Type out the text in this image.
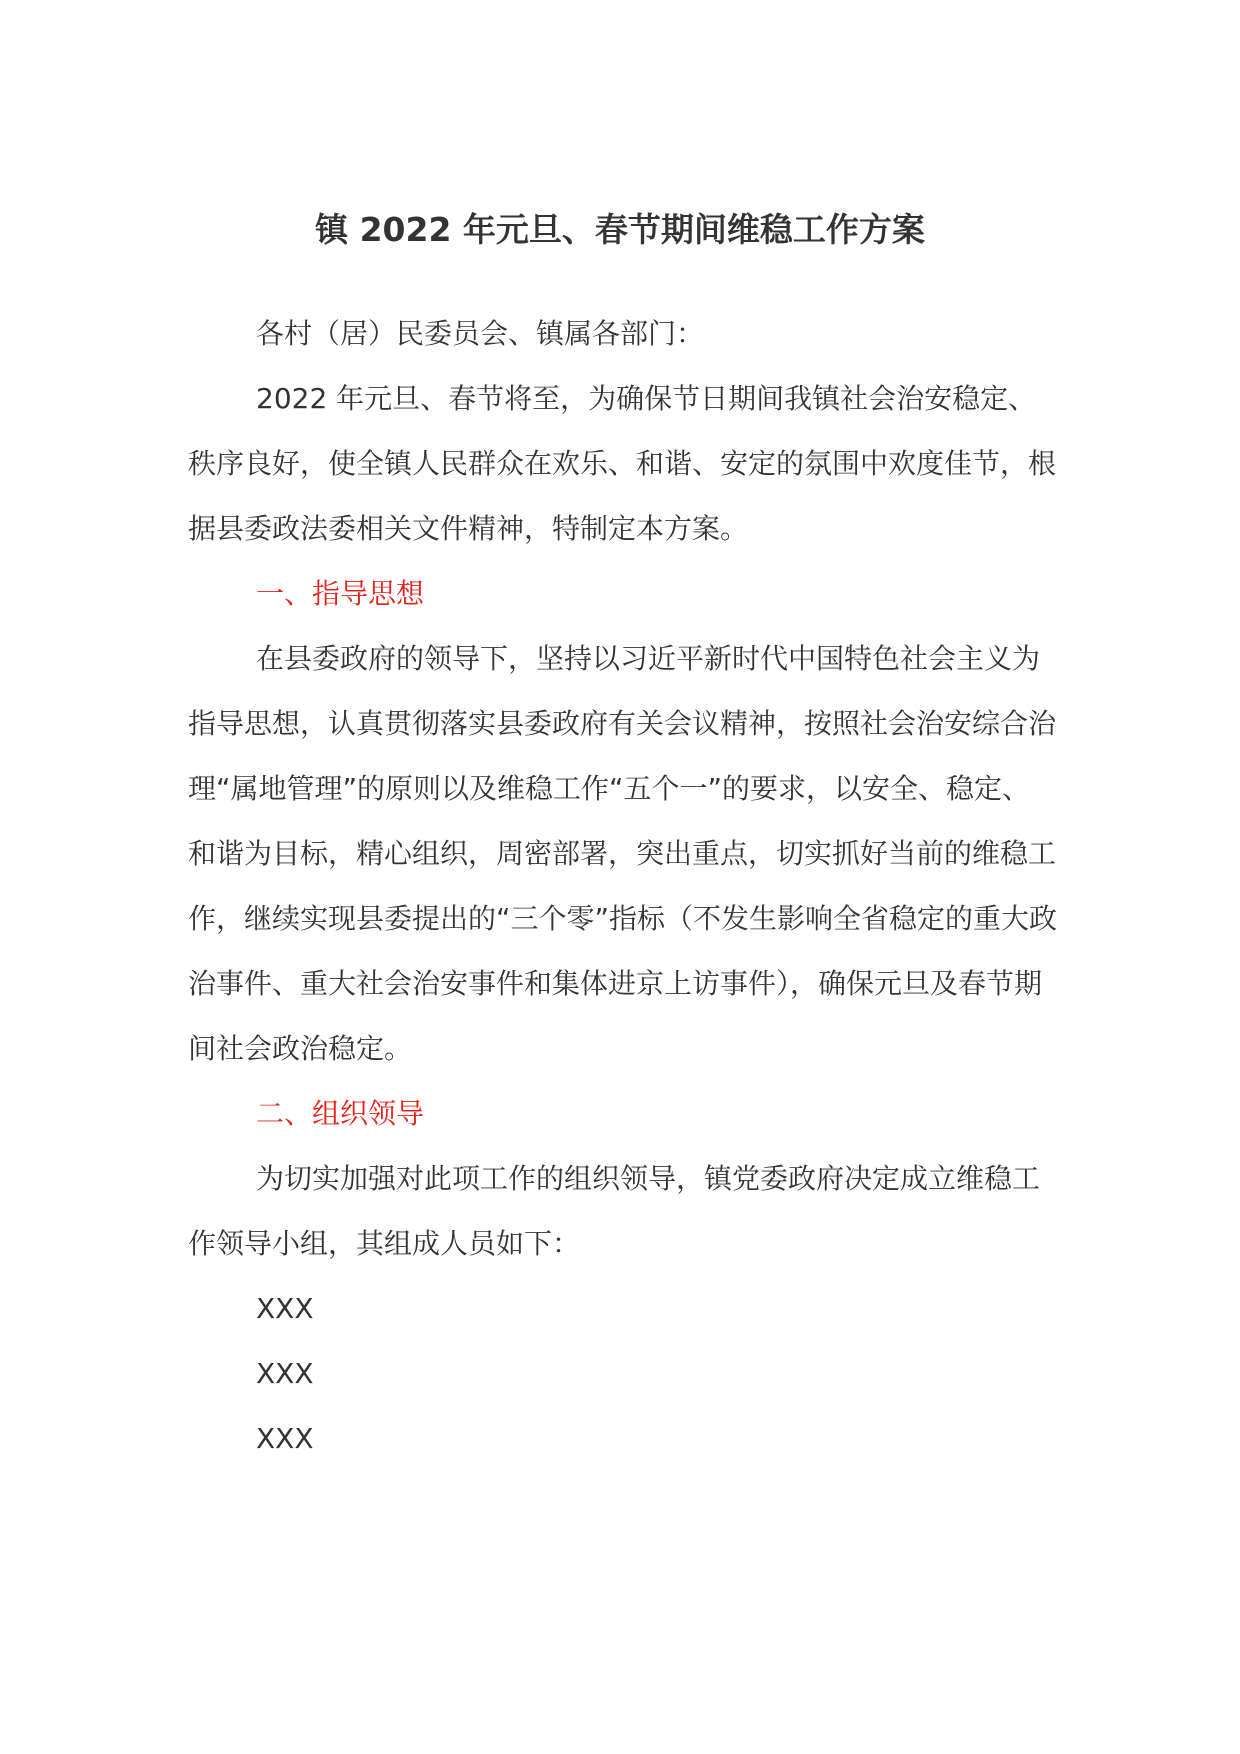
镇 2022 年元旦、春节期间维稳工作方案

各村（居）民委员会、镇属各部门：

2022 年元旦、春节将至，为确保节日期间我镇社会治安稳定、秩序良好，使全镇人民群众在欢乐、和谐、安定的氛围中欢度佳节，根据县委政法委相关文件精神，特制定本方案。

一、指导思想

在县委政府的领导下，坚持以习近平新时代中国特色社会主义为指导思想，认真贯彻落实县委政府有关会议精神，按照社会治安综合治理“属地管理”的原则以及维稳工作“五个一”的要求，以安全、稳定、和谐为目标，精心组织，周密部署，突出重点，切实抓好当前的维稳工作，继续实现县委提出的“三个零”指标（不发生影响全省稳定的重大政治事件、重大社会治安事件和集体进京上访事件），确保元旦及春节期间社会政治稳定。

二、组织领导

为切实加强对此项工作的组织领导，镇党委政府决定成立维稳工作领导小组，其组成人员如下：

XXX

XXX

XXX
